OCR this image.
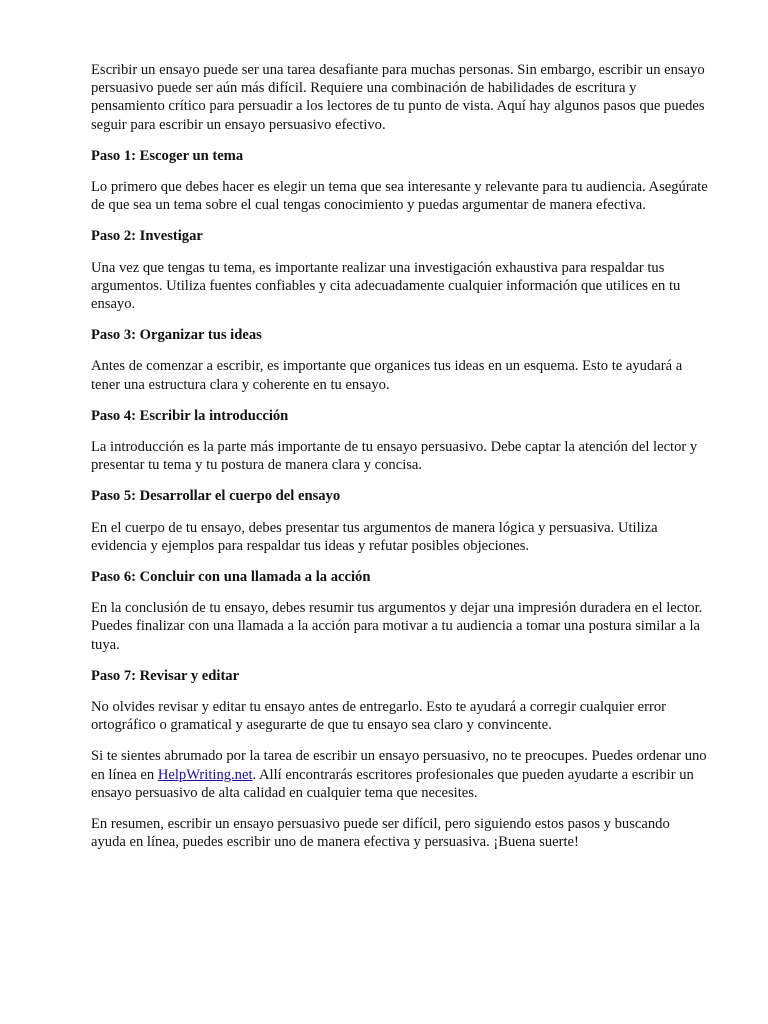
Escribir un ensayo puede ser una tarea desafiante para muchas personas. Sin embargo, escribir un ensayo persuasivo puede ser aún más difícil. Requiere una combinación de habilidades de escritura y pensamiento crítico para persuadir a los lectores de tu punto de vista. Aquí hay algunos pasos que puedes seguir para escribir un ensayo persuasivo efectivo.

Paso 1: Escoger un tema

Lo primero que debes hacer es elegir un tema que sea interesante y relevante para tu audiencia. Asegúrate de que sea un tema sobre el cual tengas conocimiento y puedas argumentar de manera efectiva.

Paso 2: Investigar

Una vez que tengas tu tema, es importante realizar una investigación exhaustiva para respaldar tus argumentos. Utiliza fuentes confiables y cita adecuadamente cualquier información que utilices en tu ensayo.

Paso 3: Organizar tus ideas

Antes de comenzar a escribir, es importante que organices tus ideas en un esquema. Esto te ayudará a tener una estructura clara y coherente en tu ensayo.

Paso 4: Escribir la introducción

La introducción es la parte más importante de tu ensayo persuasivo. Debe captar la atención del lector y presentar tu tema y tu postura de manera clara y concisa.

Paso 5: Desarrollar el cuerpo del ensayo

En el cuerpo de tu ensayo, debes presentar tus argumentos de manera lógica y persuasiva. Utiliza evidencia y ejemplos para respaldar tus ideas y refutar posibles objeciones.

Paso 6: Concluir con una llamada a la acción

En la conclusión de tu ensayo, debes resumir tus argumentos y dejar una impresión duradera en el lector. Puedes finalizar con una llamada a la acción para motivar a tu audiencia a tomar una postura similar a la tuya.

Paso 7: Revisar y editar

No olvides revisar y editar tu ensayo antes de entregarlo. Esto te ayudará a corregir cualquier error ortográfico o gramatical y asegurarte de que tu ensayo sea claro y convincente.

Si te sientes abrumado por la tarea de escribir un ensayo persuasivo, no te preocupes. Puedes ordenar uno en línea en HelpWriting.net. Allí encontrarás escritores profesionales que pueden ayudarte a escribir un ensayo persuasivo de alta calidad en cualquier tema que necesites.

En resumen, escribir un ensayo persuasivo puede ser difícil, pero siguiendo estos pasos y buscando ayuda en línea, puedes escribir uno de manera efectiva y persuasiva. ¡Buena suerte!
